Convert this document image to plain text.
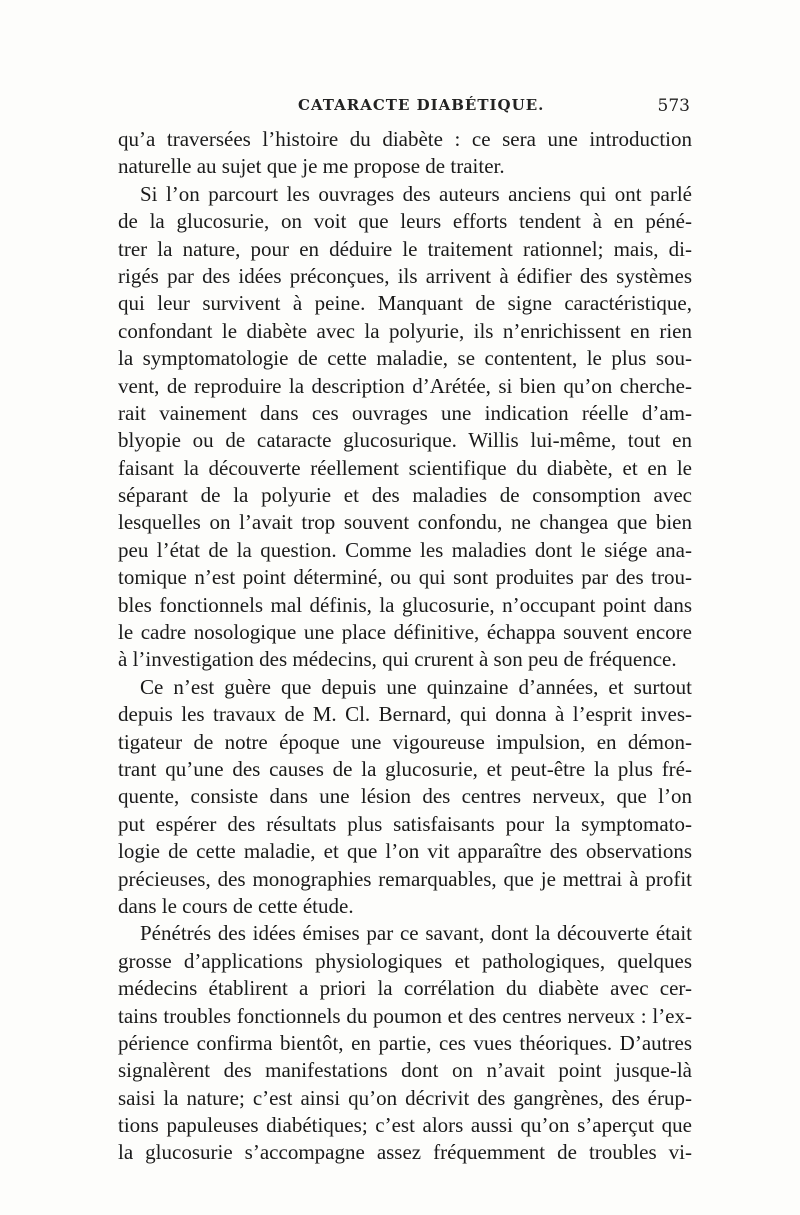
CATARACTE DIABÉTIQUE.	573
qu’a traversées l’histoire du diabète : ce sera une introduction
naturelle au sujet que je me propose de traiter.
Si l’on parcourt les ouvrages des auteurs anciens qui ont parlé
de la glucosurie, on voit que leurs efforts tendent à en péné-
trer la nature, pour en déduire le traitement rationnel; mais, di-
rigés par des idées préconçues, ils arrivent à édifier des systèmes
qui leur survivent à peine. Manquant de signe caractéristique,
confondant le diabète avec la polyurie, ils n’enrichissent en rien
la symptomatologie de cette maladie, se contentent, le plus sou-
vent, de reproduire la description d’Arétée, si bien qu’on cherche-
rait vainement dans ces ouvrages une indication réelle d’am-
blyopie ou de cataracte glucosurique. Willis lui-même, tout en
faisant la découverte réellement scientifique du diabète, et en le
séparant de la polyurie et des maladies de consomption avec
lesquelles on l’avait trop souvent confondu, ne changea que bien
peu l’état de la question. Comme les maladies dont le siége ana-
tomique n’est point déterminé, ou qui sont produites par des trou-
bles fonctionnels mal définis, la glucosurie, n’occupant point dans
le cadre nosologique une place définitive, échappa souvent encore
à l’investigation des médecins, qui crurent à son peu de fréquence.
Ce n’est guère que depuis une quinzaine d’années, et surtout
depuis les travaux de M. Cl. Bernard, qui donna à l’esprit inves-
tigateur de notre époque une vigoureuse impulsion, en démon-
trant qu’une des causes de la glucosurie, et peut-être la plus fré-
quente, consiste dans une lésion des centres nerveux, que l’on
put espérer des résultats plus satisfaisants pour la symptomato-
logie de cette maladie, et que l’on vit apparaître des observations
précieuses, des monographies remarquables, que je mettrai à profit
dans le cours de cette étude.
Pénétrés des idées émises par ce savant, dont la découverte était
grosse d’applications physiologiques et pathologiques, quelques
médecins établirent a priori la corrélation du diabète avec cer-
tains troubles fonctionnels du poumon et des centres nerveux : l’ex-
périence confirma bientôt, en partie, ces vues théoriques. D’autres
signalèrent des manifestations dont on n’avait point jusque-là
saisi la nature; c’est ainsi qu’on décrivit des gangrènes, des érup-
tions papuleuses diabétiques; c’est alors aussi qu’on s’aperçut que
la glucosurie s’accompagne assez fréquemment de troubles vi-
